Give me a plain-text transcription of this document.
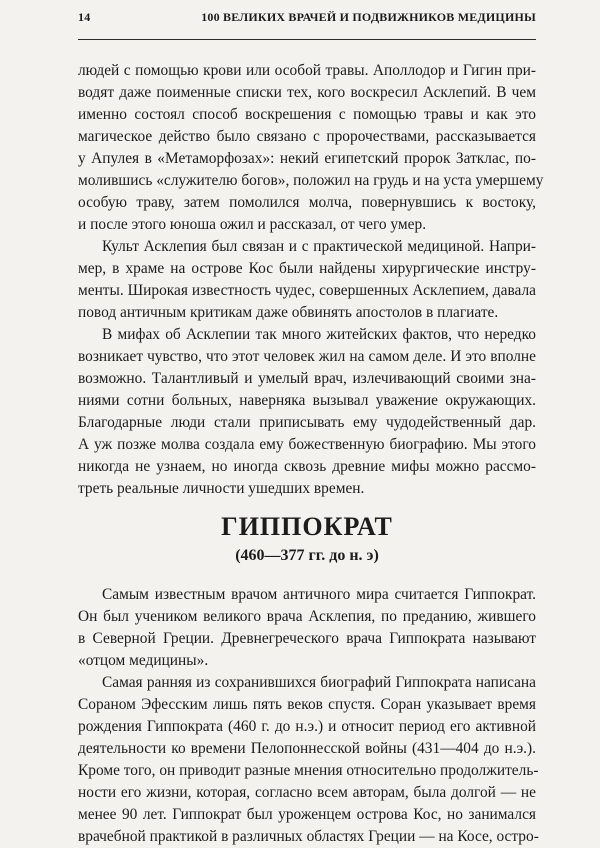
14	100 ВЕЛИКИХ ВРАЧЕЙ И ПОДВИЖНИКОВ МЕДИЦИНЫ
людей с помощью крови или особой травы. Аполлодор и Гигин при-
водят даже поименные списки тех, кого воскресил Асклепий. В чем
именно состоял способ воскрешения с помощью травы и как это
магическое действо было связано с пророчествами, рассказывается
у Апулея в «Метаморфозах»: некий египетский пророк Затклас, по-
молившись «служителю богов», положил на грудь и на уста умершему
особую траву, затем помолился молча, повернувшись к востоку,
и после этого юноша ожил и рассказал, от чего умер.
Культ Асклепия был связан и с практической медициной. Напри-
мер, в храме на острове Кос были найдены хирургические инстру-
менты. Широкая известность чудес, совершенных Асклепием, давала
повод античным критикам даже обвинять апостолов в плагиате.
В мифах об Асклепии так много житейских фактов, что нередко
возникает чувство, что этот человек жил на самом деле. И это вполне
возможно. Талантливый и умелый врач, излечивающий своими зна-
ниями сотни больных, наверняка вызывал уважение окружающих.
Благодарные люди стали приписывать ему чудодейственный дар.
А уж позже молва создала ему божественную биографию. Мы этого
никогда не узнаем, но иногда сквозь древние мифы можно рассмо-
треть реальные личности ушедших времен.
ГИППОКРАТ
(460—377 гг. до н. э)
Самым известным врачом античного мира считается Гиппократ.
Он был учеником великого врача Асклепия, по преданию, жившего
в Северной Греции. Древнегреческого врача Гиппократа называют
«отцом медицины».
Самая ранняя из сохранившихся биографий Гиппократа написана
Сораном Эфесским лишь пять веков спустя. Соран указывает время
рождения Гиппократа (460 г. до н.э.) и относит период его активной
деятельности ко времени Пелопоннесской войны (431—404 до н.э.).
Кроме того, он приводит разные мнения относительно продолжитель-
ности его жизни, которая, согласно всем авторам, была долгой — не
менее 90 лет. Гиппократ был уроженцем острова Кос, но занимался
врачебной практикой в различных областях Греции — на Косе, остро-
